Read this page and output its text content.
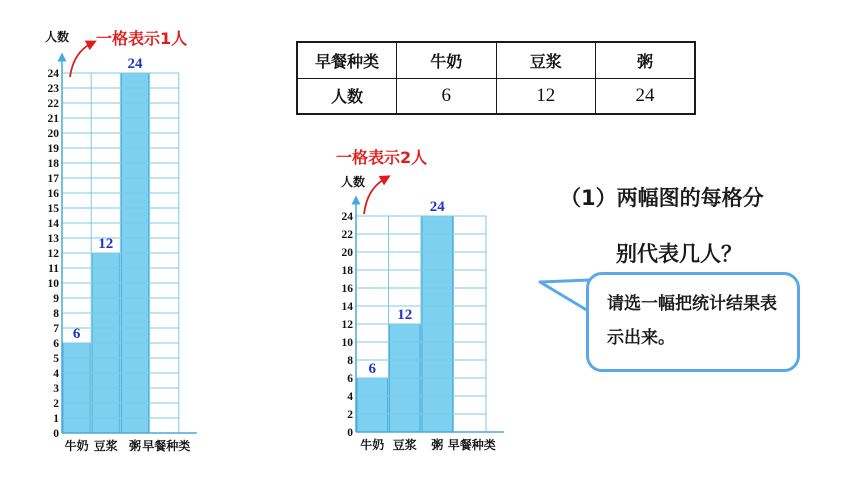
0
1
2
3
4
5
6
7
8
9
10
11
12
13
14
15
16
17
18
19
20
21
22
23
24
牛奶 豆浆 粥 早餐种类
6
12
24
人数 一格表示1人
0
2
4
6
8
10
12
14
16
18
20
22
24
牛奶 豆浆 粥 早餐种类
6
12
24
人数
一格表示2人
早餐种类	牛奶	豆浆	粥
人数	6	12	24
（1）两幅图的每格分
别代表几人？
请选一幅把统计结果表示出来。
